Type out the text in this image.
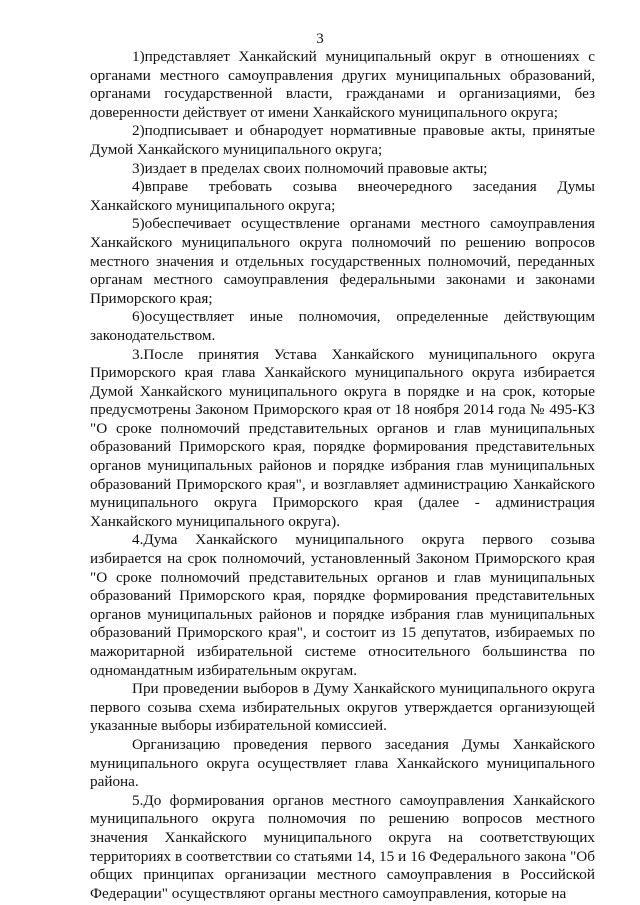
3

1)представляет Ханкайский муниципальный округ в отношениях с органами местного самоуправления других муниципальных образований, органами государственной власти, гражданами и организациями, без доверенности действует от имени Ханкайского муниципального округа;

2)подписывает и обнародует нормативные правовые акты, принятые Думой Ханкайского муниципального округа;

3)издает в пределах своих полномочий правовые акты;

4)вправе требовать созыва внеочередного заседания Думы Ханкайского муниципального округа;

5)обеспечивает осуществление органами местного самоуправления Ханкайского муниципального округа полномочий по решению вопросов местного значения и отдельных государственных полномочий, переданных органам местного самоуправления федеральными законами и законами Приморского края;

6)осуществляет иные полномочия, определенные действующим законодательством.

3.После принятия Устава Ханкайского муниципального округа Приморского края глава Ханкайского муниципального округа избирается Думой Ханкайского муниципального округа в порядке и на срок, которые предусмотрены Законом Приморского края от 18 ноября 2014 года № 495-КЗ "О сроке полномочий представительных органов и глав муниципальных образований Приморского края, порядке формирования представительных органов муниципальных районов и порядке избрания глав муниципальных образований Приморского края", и возглавляет администрацию Ханкайского муниципального округа Приморского края (далее - администрация Ханкайского муниципального округа).

4.Дума Ханкайского муниципального округа первого созыва избирается на срок полномочий, установленный Законом Приморского края "О сроке полномочий представительных органов и глав муниципальных образований Приморского края, порядке формирования представительных органов муниципальных районов и порядке избрания глав муниципальных образований Приморского края", и состоит из 15 депутатов, избираемых по мажоритарной избирательной системе относительного большинства по одномандатным избирательным округам.

При проведении выборов в Думу Ханкайского муниципального округа первого созыва схема избирательных округов утверждается организующей указанные выборы избирательной комиссией.

Организацию проведения первого заседания Думы Ханкайского муниципального округа осуществляет глава Ханкайского муниципального района.

5.До формирования органов местного самоуправления Ханкайского муниципального округа полномочия по решению вопросов местного значения Ханкайского муниципального округа на соответствующих территориях в соответствии со статьями 14, 15 и 16 Федерального закона "Об общих принципах организации местного самоуправления в Российской Федерации" осуществляют органы местного самоуправления, которые на
